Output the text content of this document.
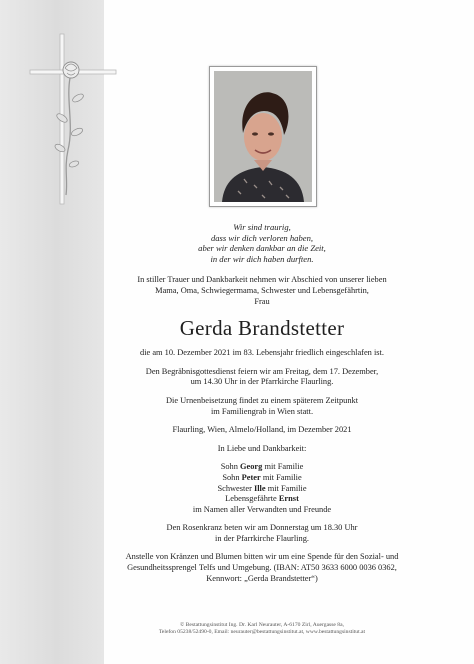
Wir sind traurig,

dass wir dich verloren haben,

aber wir denken dankbar an die Zeit,

in der wir dich haben durften.

In stiller Trauer und Dankbarkeit nehmen wir Abschied von unserer lieben

Mama, Oma, Schwiegermama, Schwester und Lebensgefährtin,

Frau

Gerda Brandstetter

die am 10. Dezember 2021 im 83. Lebensjahr friedlich eingeschlafen ist.

Den Begräbnisgottesdienst feiern wir am Freitag, dem 17. Dezember,

um 14.30 Uhr in der Pfarrkirche Flaurling.

Die Urnenbeisetzung findet zu einem späterem Zeitpunkt

im Familiengrab in Wien statt.

Flaurling, Wien, Almelo/Holland, im Dezember 2021

In Liebe und Dankbarkeit:

Sohn Georg mit Familie

Sohn Peter mit Familie

Schwester Ille mit Familie

Lebensgefährte Ernst

im Namen aller Verwandten und Freunde

Den Rosenkranz beten wir am Donnerstag um 18.30 Uhr

in der Pfarrkirche Flaurling.

Anstelle von Kränzen und Blumen bitten wir um eine Spende für den Sozial- und

Gesundheitssprengel Telfs und Umgebung. (IBAN: AT50 3633 6000 0036 0362,

Kennwort: „Gerda Brandstetter“)

© Bestattungsinstitut Ing. Dr. Karl Neurauter, A-6170 Zirl, Auergasse 8a,
Telefon 05238/52490-0, Email: neurauter@bestattungsinstitut.at, www.bestattungsinstitut.at
